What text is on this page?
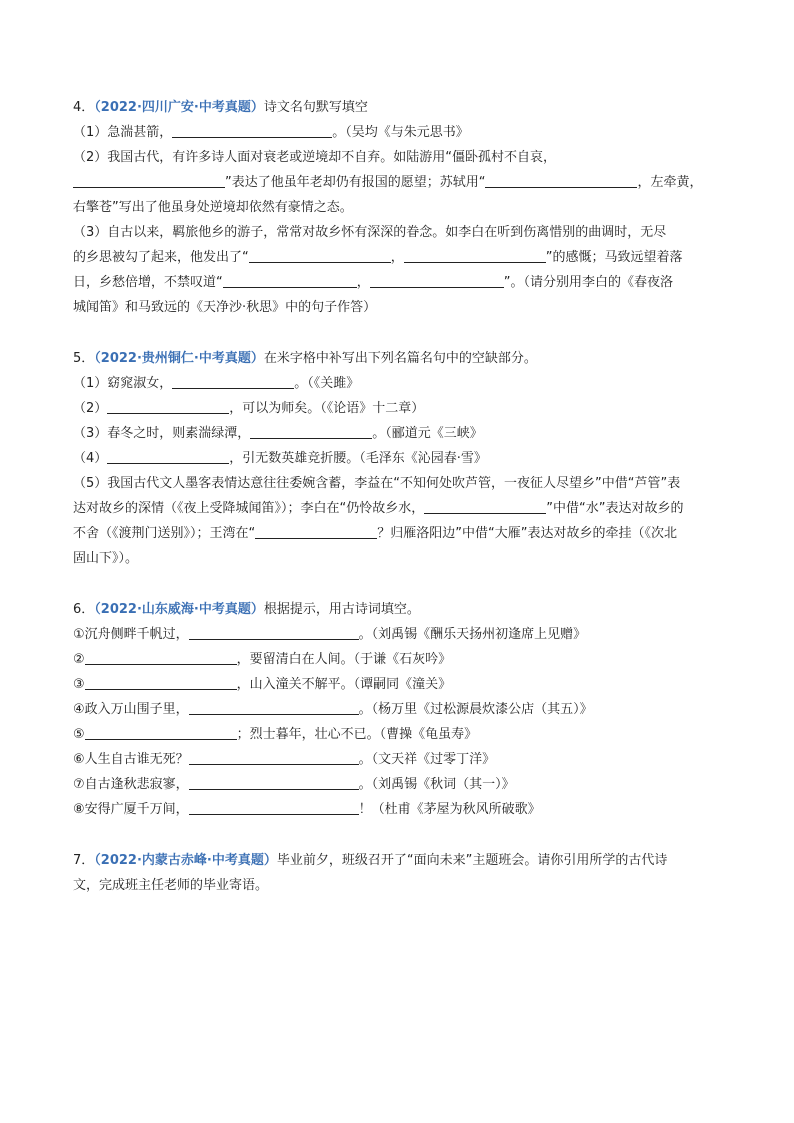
4．（2022·四川广安·中考真题）诗文名句默写填空
（1）急湍甚箭，	。（吴均《与朱元思书》
（2）我国古代，有许多诗人面对衰老或逆境却不自弃。如陆游用“僵卧孤村不自哀，
”表达了他虽年老却仍有报国的愿望；苏轼用“	，左牵黄，
右擎苍”写出了他虽身处逆境却依然有豪情之态。
（3）自古以来，羁旅他乡的游子，常常对故乡怀有深深的眷念。如李白在听到伤离惜别的曲调时，无尽
的乡思被勾了起来，他发出了“	，	”的感慨；马致远望着落
日，乡愁倍增，不禁叹道“	，	”。（请分别用李白的《春夜洛
城闻笛》和马致远的《天净沙·秋思》中的句子作答）
5．（2022·贵州铜仁·中考真题）在米字格中补写出下列名篇名句中的空缺部分。
（1）窈窕淑女，	。（《关雎》
（2）	，可以为师矣。（《论语》十二章）
（3）春冬之时，则素湍绿潭，	。（郦道元《三峡》
（4）	，引无数英雄竞折腰。（毛泽东《沁园春·雪》
（5）我国古代文人墨客表情达意往往委婉含蓄，李益在“不知何处吹芦管，一夜征人尽望乡”中借“芦管”表
达对故乡的深情（《夜上受降城闻笛》）；李白在“仍怜故乡水，	”中借“水”表达对故乡的
不舍（《渡荆门送别》）；王湾在“	？归雁洛阳边”中借“大雁”表达对故乡的牵挂（《次北
固山下》）。
6．（2022·山东威海·中考真题）根据提示，用古诗词填空。
①沉舟侧畔千帆过，	。（刘禹锡《酬乐天扬州初逢席上见赠》
②	，要留清白在人间。（于谦《石灰吟》
③	，山入潼关不解平。（谭嗣同《潼关》
④政入万山围子里，	。（杨万里《过松源晨炊漆公店（其五）》
⑤	；烈士暮年，壮心不已。（曹操《龟虽寿》
⑥人生自古谁无死？	。（文天祥《过零丁洋》
⑦自古逢秋悲寂寥，	。（刘禹锡《秋词（其一）》
⑧安得广厦千万间，	！（杜甫《茅屋为秋风所破歌》
7．（2022·内蒙古赤峰·中考真题）毕业前夕，班级召开了“面向未来”主题班会。请你引用所学的古代诗
文，完成班主任老师的毕业寄语。
